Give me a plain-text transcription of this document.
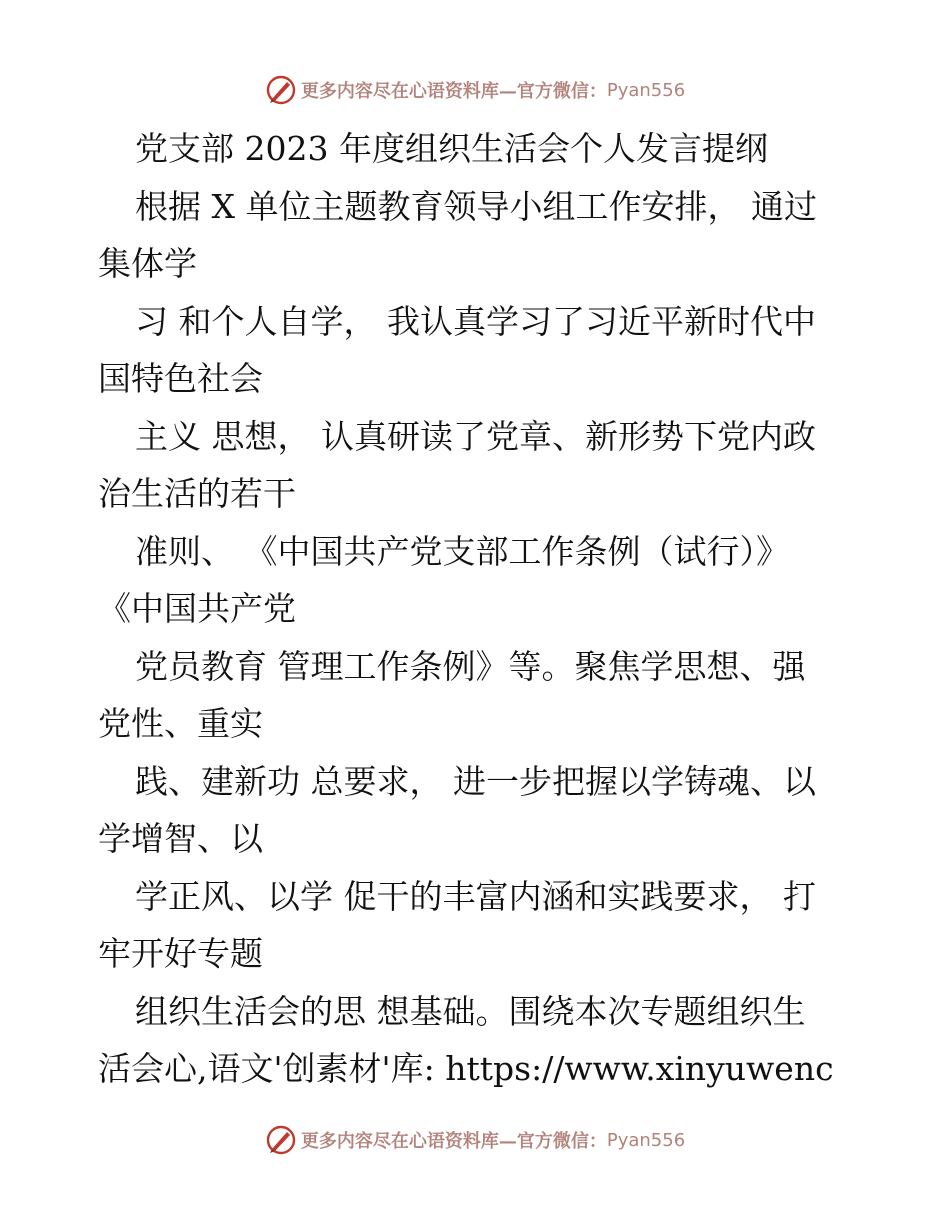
更多内容尽在心语资料库—官方微信： Pyan556
党支部 2023 年度组织生活会个人发言提纲
根据 X 单位主题教育领导小组工作安排， 通过
集体学
习 和个人自学， 我认真学习了习近平新时代中
国特色社会
主义 思想， 认真研读了党章、新形势下党内政
治生活的若干
准则、 《中国共产党支部工作条例（试行）》
《中国共产党
党员教育 管理工作条例》等。聚焦学思想、强
党性、重实
践、建新功 总要求， 进一步把握以学铸魂、以
学增智、以
学正风、以学 促干的丰富内涵和实践要求， 打
牢开好专题
组织生活会的思 想基础。围绕本次专题组织生
活会心,语文'创素材'库: https://www.xinyuwenc
更多内容尽在心语资料库—官方微信： Pyan556
